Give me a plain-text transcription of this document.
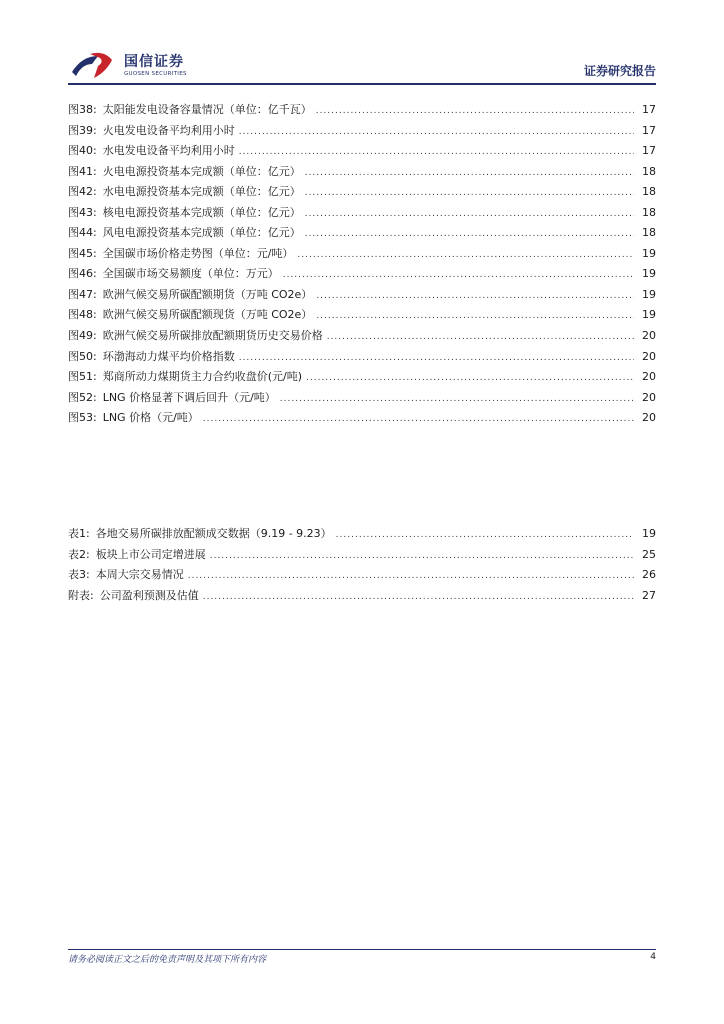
国信证券
GUOSEN SECURITIES	证券研究报告
图38: 太阳能发电设备容量情况（单位：亿千瓦） .....	17
图39: 火电发电设备平均利用小时 .....	17
图40: 水电发电设备平均利用小时 .....	17
图41: 火电电源投资基本完成额（单位：亿元） .....	18
图42: 水电电源投资基本完成额（单位：亿元） .....	18
图43: 核电电源投资基本完成额（单位：亿元） .....	18
图44: 风电电源投资基本完成额（单位：亿元） .....	18
图45: 全国碳市场价格走势图（单位：元/吨） .....	19
图46: 全国碳市场交易额度（单位：万元） .....	19
图47: 欧洲气候交易所碳配额期货（万吨 CO2e） .....	19
图48: 欧洲气候交易所碳配额现货（万吨 CO2e） .....	19
图49: 欧洲气候交易所碳排放配额期货历史交易价格 .....	20
图50: 环渤海动力煤平均价格指数 .....	20
图51: 郑商所动力煤期货主力合约收盘价(元/吨) .....	20
图52: LNG 价格显著下调后回升（元/吨） .....	20
图53: LNG 价格（元/吨） .....	20
表1: 各地交易所碳排放配额成交数据（9.19 - 9.23） .....	19
表2: 板块上市公司定增进展 .....	25
表3: 本周大宗交易情况 .....	26
附表: 公司盈利预测及估值 .....	27
请务必阅读正文之后的免责声明及其项下所有内容	4
